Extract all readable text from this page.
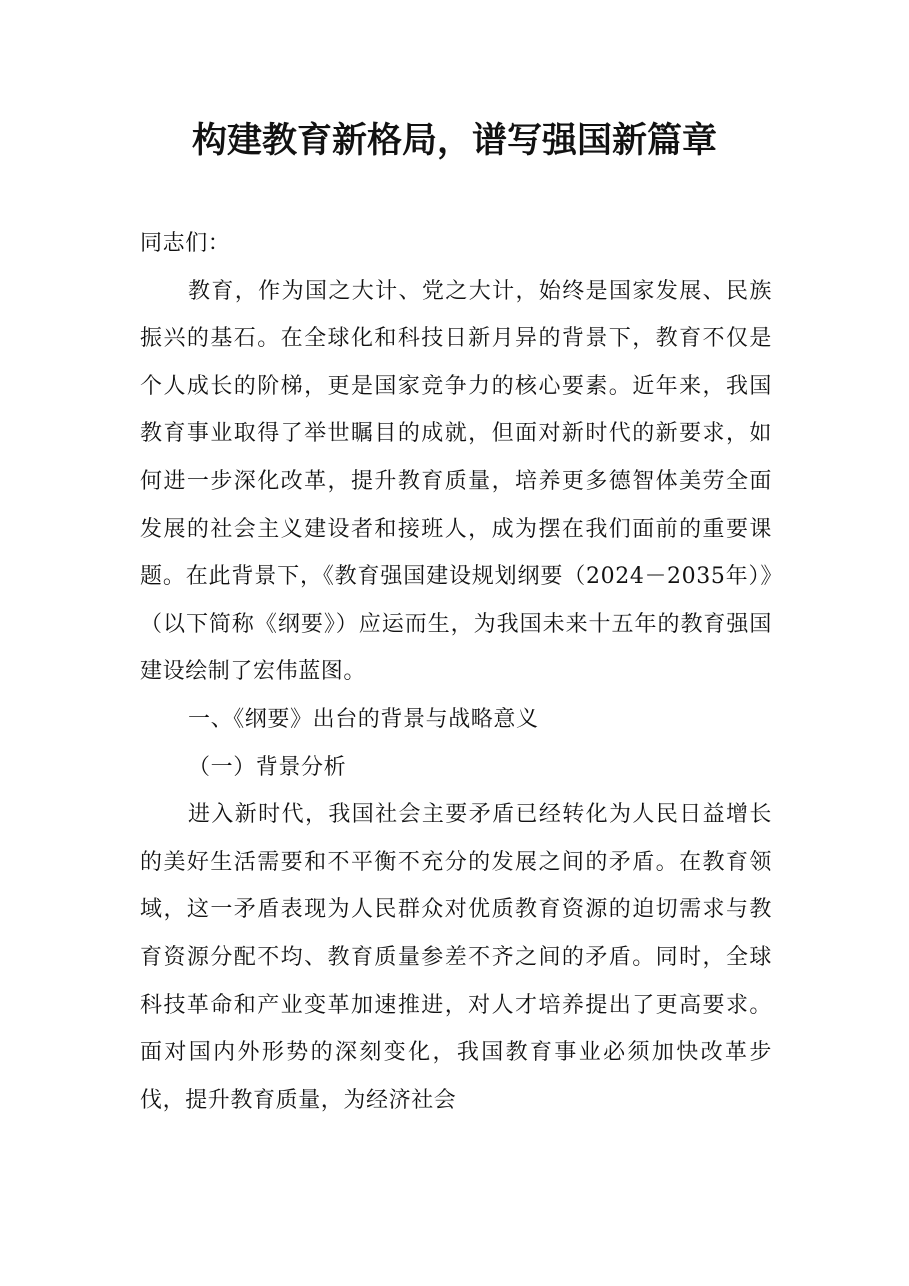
构建教育新格局，谱写强国新篇章

同志们：

教育，作为国之大计、党之大计，始终是国家发展、民族振兴的基石。在全球化和科技日新月异的背景下，教育不仅是个人成长的阶梯，更是国家竞争力的核心要素。近年来，我国教育事业取得了举世瞩目的成就，但面对新时代的新要求，如何进一步深化改革，提升教育质量，培养更多德智体美劳全面发展的社会主义建设者和接班人，成为摆在我们面前的重要课题。在此背景下，《教育强国建设规划纲要（2024－2035年）》（以下简称《纲要》）应运而生，为我国未来十五年的教育强国建设绘制了宏伟蓝图。

一、《纲要》出台的背景与战略意义

（一）背景分析

进入新时代，我国社会主要矛盾已经转化为人民日益增长的美好生活需要和不平衡不充分的发展之间的矛盾。在教育领域，这一矛盾表现为人民群众对优质教育资源的迫切需求与教育资源分配不均、教育质量参差不齐之间的矛盾。同时，全球科技革命和产业变革加速推进，对人才培养提出了更高要求。面对国内外形势的深刻变化，我国教育事业必须加快改革步伐，提升教育质量，为经济社会
